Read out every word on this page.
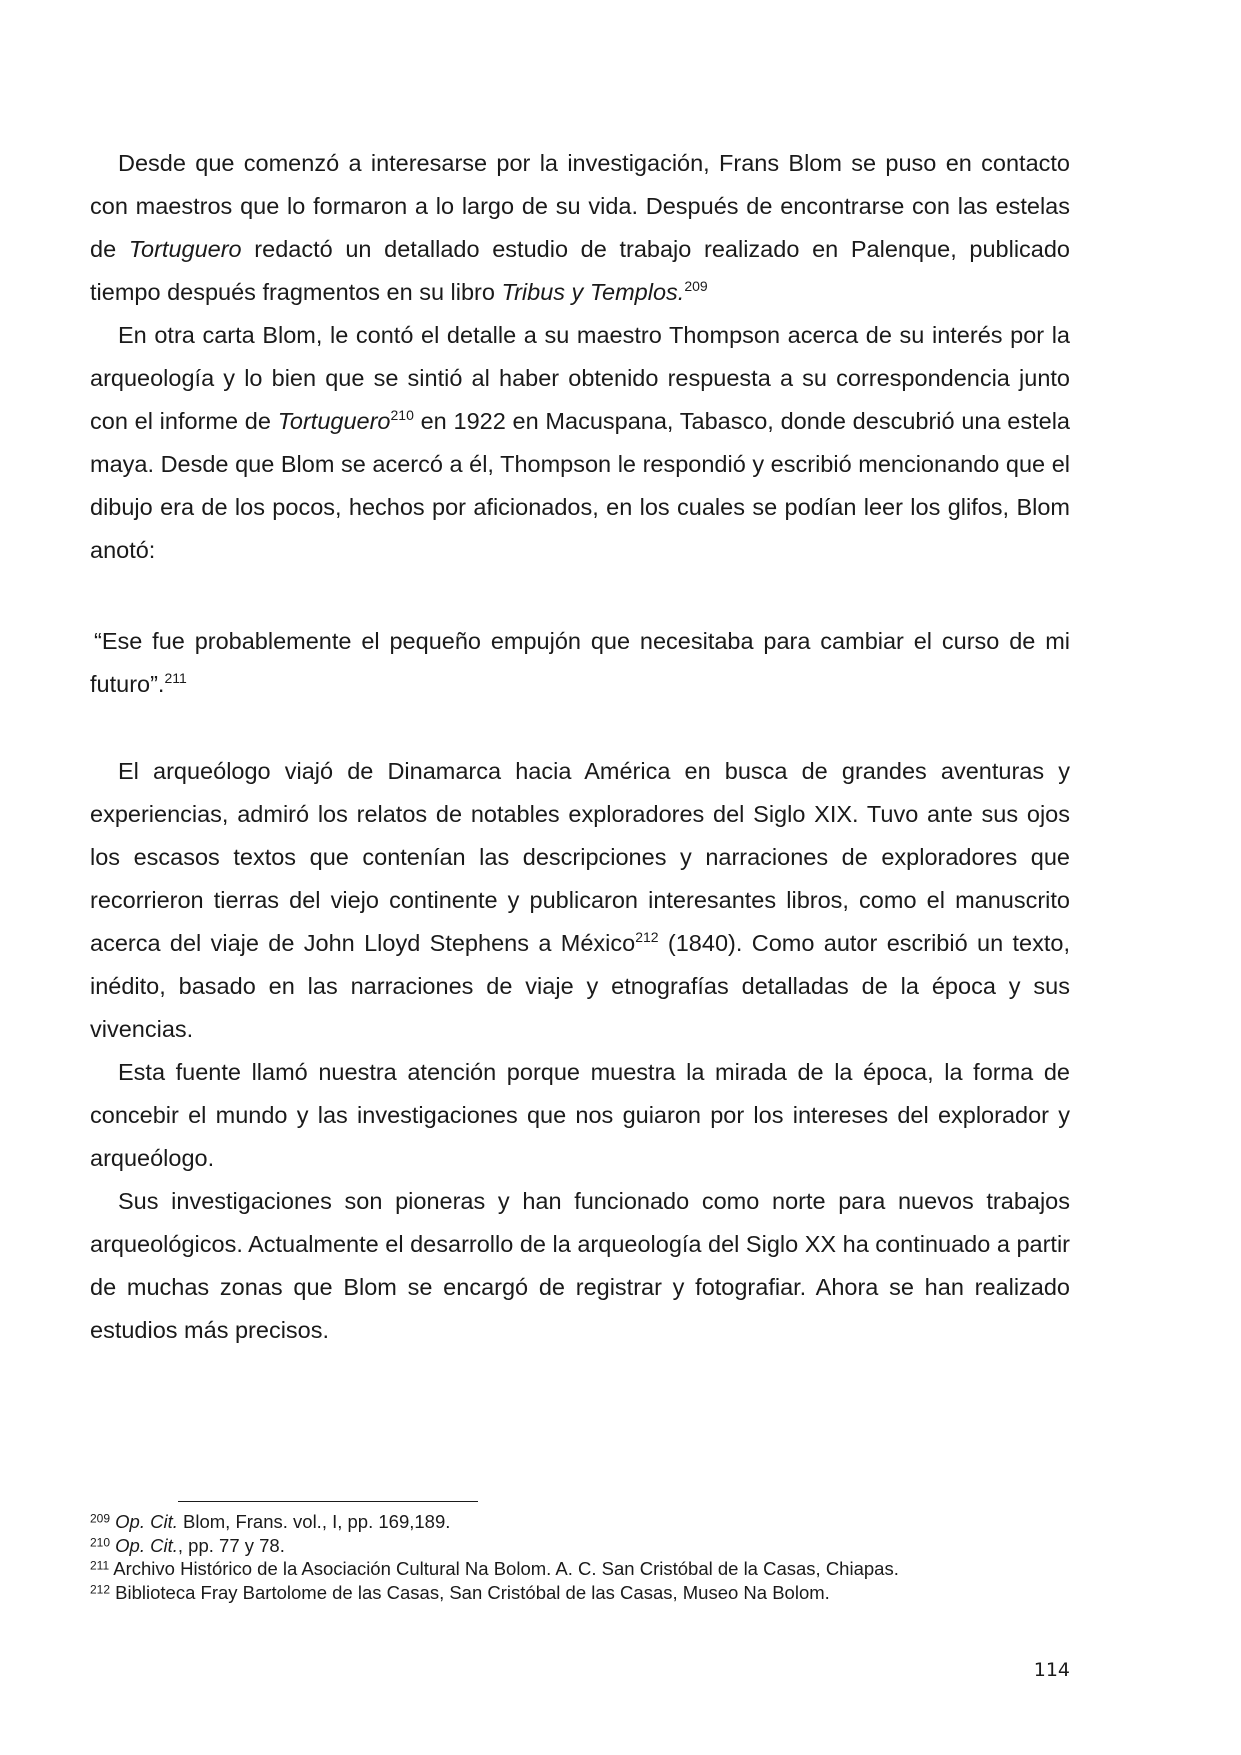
Desde que comenzó a interesarse por la investigación, Frans Blom se puso en contacto con maestros que lo formaron a lo largo de su vida. Después de encontrarse con las estelas de Tortuguero redactó un detallado estudio de trabajo realizado en Palenque, publicado tiempo después fragmentos en su libro Tribus y Templos.$^{209}$

En otra carta Blom, le contó el detalle a su maestro Thompson acerca de su interés por la arqueología y lo bien que se sintió al haber obtenido respuesta a su correspondencia junto con el informe de Tortuguero$^{210}$ en 1922 en Macuspana, Tabasco, donde descubrió una estela maya. Desde que Blom se acercó a él, Thompson le respondió y escribió mencionando que el dibujo era de los pocos, hechos por aficionados, en los cuales se podían leer los glifos, Blom anotó:

“Ese fue probablemente el pequeño empujón que necesitaba para cambiar el curso de mi futuro”.$^{211}$

El arqueólogo viajó de Dinamarca hacia América en busca de grandes aventuras y experiencias, admiró los relatos de notables exploradores del Siglo XIX. Tuvo ante sus ojos los escasos textos que contenían las descripciones y narraciones de exploradores que recorrieron tierras del viejo continente y publicaron interesantes libros, como el manuscrito acerca del viaje de John Lloyd Stephens a México$^{212}$ (1840). Como autor escribió un texto, inédito, basado en las narraciones de viaje y etnografías detalladas de la época y sus vivencias.

Esta fuente llamó nuestra atención porque muestra la mirada de la época, la forma de concebir el mundo y las investigaciones que nos guiaron por los intereses del explorador y arqueólogo.

Sus investigaciones son pioneras y han funcionado como norte para nuevos trabajos arqueológicos. Actualmente el desarrollo de la arqueología del Siglo XX ha continuado a partir de muchas zonas que Blom se encargó de registrar y fotografiar. Ahora se han realizado estudios más precisos.

$^{209}$ Op. Cit. Blom, Frans. vol., I, pp. 169,189.
$^{210}$ Op. Cit., pp. 77 y 78.
$^{211}$ Archivo Histórico de la Asociación Cultural Na Bolom. A. C. San Cristóbal de la Casas, Chiapas.
$^{212}$ Biblioteca Fray Bartolome de las Casas, San Cristóbal de las Casas, Museo Na Bolom.
114
